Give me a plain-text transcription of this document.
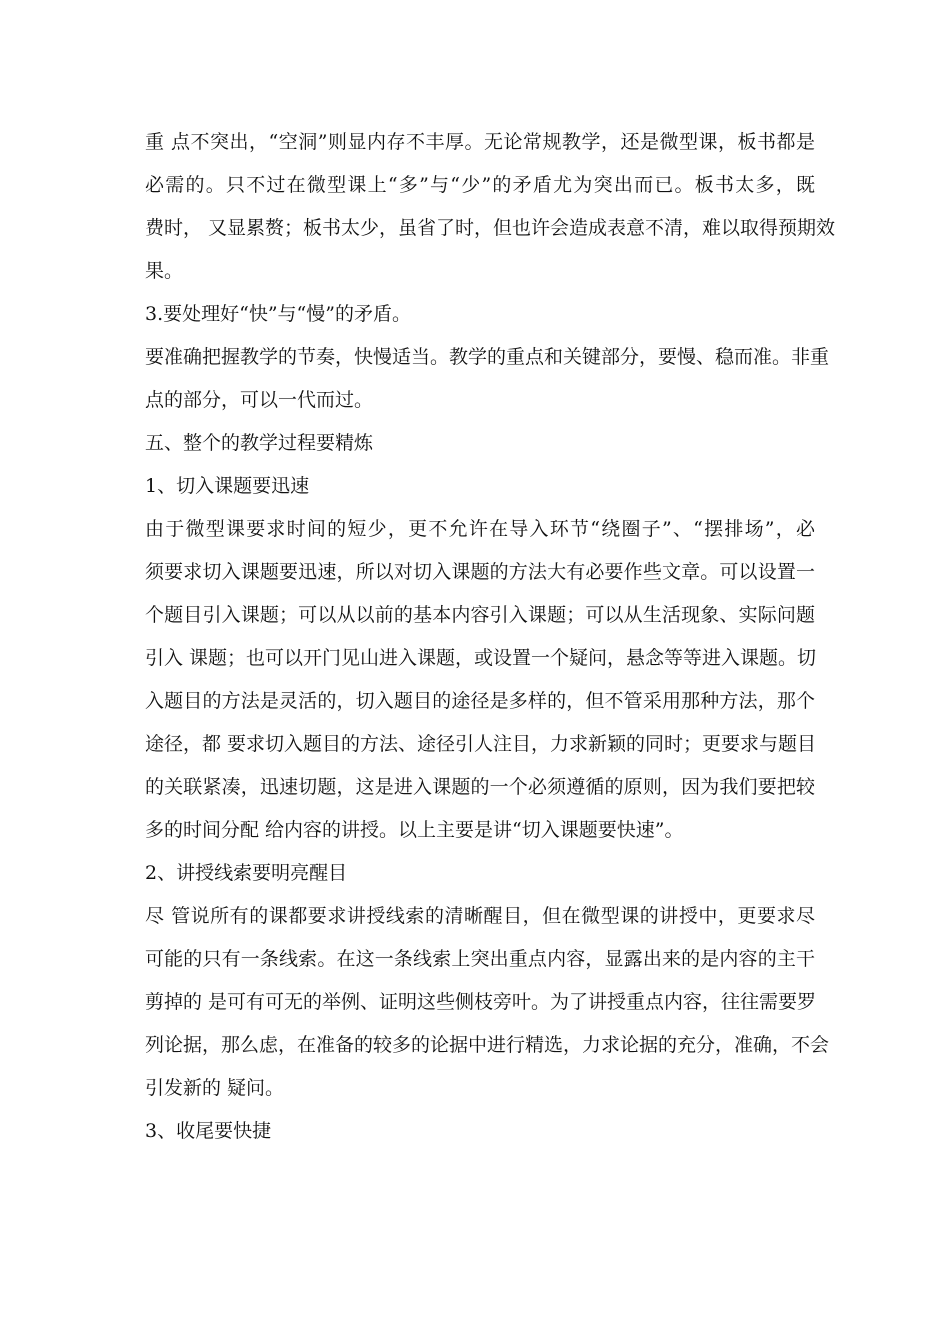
重 点不突出，“空洞”则显内存不丰厚。无论常规教学，还是微型课，板书都是
必需的。只不过在微型课上“多”与“少”的矛盾尤为突出而已。板书太多，既
费时， 又显累赘；板书太少，虽省了时，但也许会造成表意不清，难以取得预期效
果。
3.要处理好“快”与“慢”的矛盾。
要准确把握教学的节奏，快慢适当。教学的重点和关键部分，要慢、稳而准。非重
点的部分，可以一代而过。
五、整个的教学过程要精炼
1、切入课题要迅速
由于微型课要求时间的短少，更不允许在导入环节“绕圈子”、“摆排场”，必
须要求切入课题要迅速，所以对切入课题的方法大有必要作些文章。可以设置一
个题目引入课题；可以从以前的基本内容引入课题；可以从生活现象、实际问题
引入 课题；也可以开门见山进入课题，或设置一个疑问，悬念等等进入课题。切
入题目的方法是灵活的，切入题目的途径是多样的，但不管采用那种方法，那个
途径，都 要求切入题目的方法、途径引人注目，力求新颖的同时；更要求与题目
的关联紧凑，迅速切题，这是进入课题的一个必须遵循的原则，因为我们要把较
多的时间分配 给内容的讲授。以上主要是讲“切入课题要快速”。
2、讲授线索要明亮醒目
尽 管说所有的课都要求讲授线索的清晰醒目，但在微型课的讲授中，更要求尽
可能的只有一条线索。在这一条线索上突出重点内容，显露出来的是内容的主干
剪掉的 是可有可无的举例、证明这些侧枝旁叶。为了讲授重点内容，往往需要罗
列论据，那么虑，在准备的较多的论据中进行精选，力求论据的充分，准确，不会
引发新的 疑问。
3、收尾要快捷
